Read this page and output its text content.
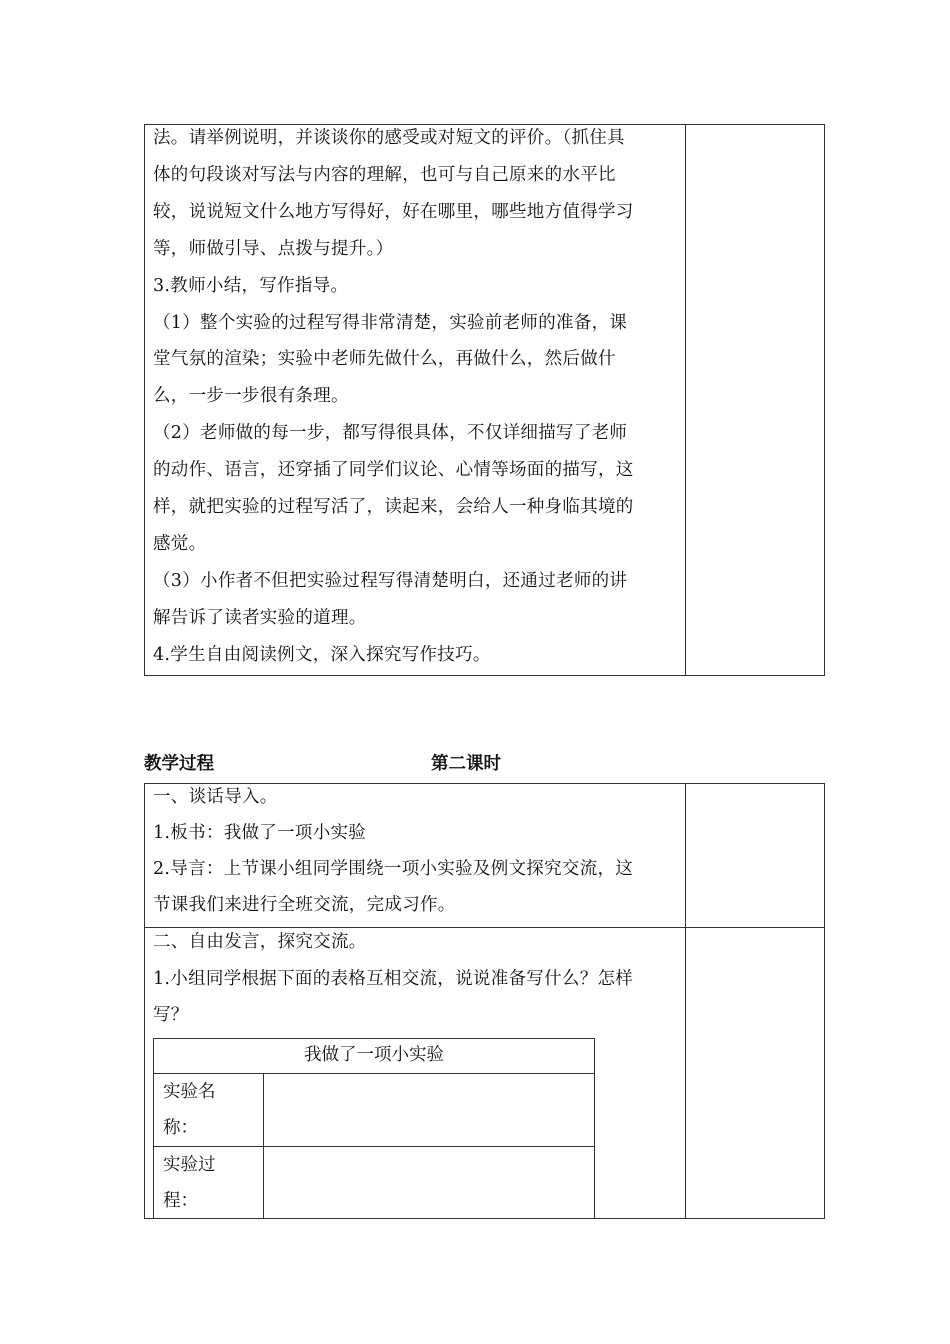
法。请举例说明，并谈谈你的感受或对短文的评价。（抓住具
体的句段谈对写法与内容的理解，也可与自己原来的水平比
较，说说短文什么地方写得好，好在哪里，哪些地方值得学习
等，师做引导、点拨与提升。）
3.教师小结，写作指导。
（1）整个实验的过程写得非常清楚，实验前老师的准备，课
堂气氛的渲染；实验中老师先做什么，再做什么，然后做什
么，一步一步很有条理。
（2）老师做的每一步，都写得很具体，不仅详细描写了老师
的动作、语言，还穿插了同学们议论、心情等场面的描写，这
样，就把实验的过程写活了，读起来，会给人一种身临其境的
感觉。
（3）小作者不但把实验过程写得清楚明白，还通过老师的讲
解告诉了读者实验的道理。
4.学生自由阅读例文，深入探究写作技巧。
教学过程	第二课时
一、谈话导入。
1.板书：我做了一项小实验
2.导言：上节课小组同学围绕一项小实验及例文探究交流，这
节课我们来进行全班交流，完成习作。
二、自由发言，探究交流。
1.小组同学根据下面的表格互相交流，说说准备写什么？怎样
写？
我做了一项小实验
实验名
称：
实验过
程：
